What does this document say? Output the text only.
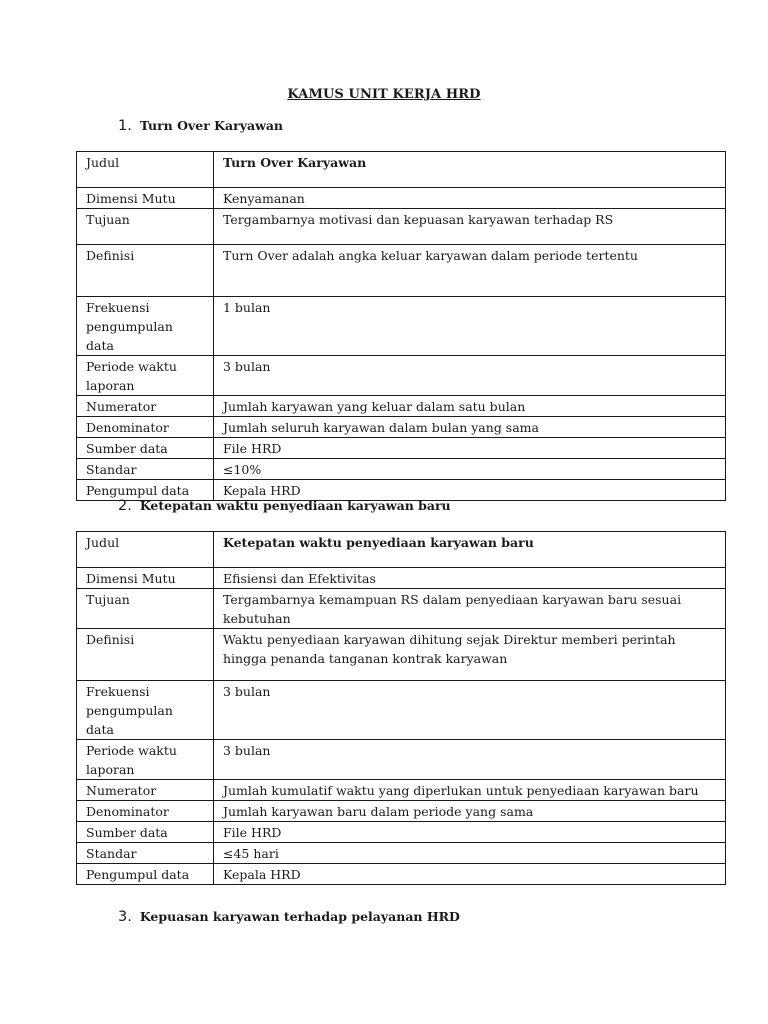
KAMUS UNIT KERJA HRD
1. Turn Over Karyawan
Judul	Turn Over Karyawan
Dimensi Mutu	Kenyamanan
Tujuan	Tergambarnya motivasi dan kepuasan karyawan terhadap RS
Definisi	Turn Over adalah angka keluar karyawan dalam periode tertentu
Frekuensi pengumpulan data	1 bulan
Periode waktu laporan	3 bulan
Numerator	Jumlah karyawan yang keluar dalam satu bulan
Denominator	Jumlah seluruh karyawan dalam bulan yang sama
Sumber data	File HRD
Standar	≤10%
Pengumpul data	Kepala HRD
2. Ketepatan waktu penyediaan karyawan baru
Judul	Ketepatan waktu penyediaan karyawan baru
Dimensi Mutu	Efisiensi dan Efektivitas
Tujuan	Tergambarnya kemampuan RS dalam penyediaan karyawan baru sesuai kebutuhan
Definisi	Waktu penyediaan karyawan dihitung sejak Direktur memberi perintah hingga penanda tanganan kontrak karyawan
Frekuensi pengumpulan data	3 bulan
Periode waktu laporan	3 bulan
Numerator	Jumlah kumulatif waktu yang diperlukan untuk penyediaan karyawan baru
Denominator	Jumlah karyawan baru dalam periode yang sama
Sumber data	File HRD
Standar	≤45 hari
Pengumpul data	Kepala HRD
3. Kepuasan karyawan terhadap pelayanan HRD
